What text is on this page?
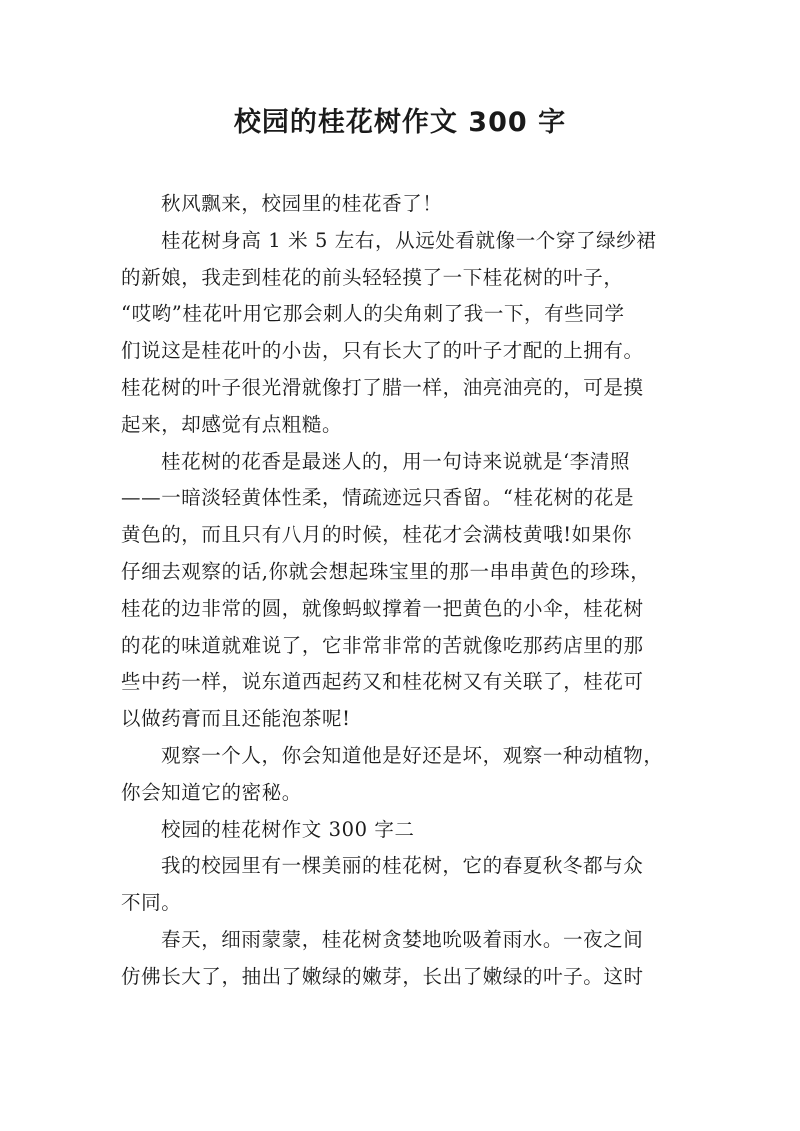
校园的桂花树作文 300 字

秋风飘来，校园里的桂花香了！

桂花树身高 1 米 5 左右，从远处看就像一个穿了绿纱裙
的新娘，我走到桂花的前头轻轻摸了一下桂花树的叶子，
“哎哟”桂花叶用它那会刺人的尖角刺了我一下，有些同学
们说这是桂花叶的小齿，只有长大了的叶子才配的上拥有。
桂花树的叶子很光滑就像打了腊一样，油亮油亮的，可是摸
起来，却感觉有点粗糙。

桂花树的花香是最迷人的，用一句诗来说就是‘李清照
——一暗淡轻黄体性柔，情疏迹远只香留。“桂花树的花是
黄色的，而且只有八月的时候，桂花才会满枝黄哦!如果你
仔细去观察的话,你就会想起珠宝里的那一串串黄色的珍珠，
桂花的边非常的圆，就像蚂蚁撑着一把黄色的小伞，桂花树
的花的味道就难说了，它非常非常的苦就像吃那药店里的那
些中药一样，说东道西起药又和桂花树又有关联了，桂花可
以做药膏而且还能泡茶呢!

观察一个人，你会知道他是好还是坏，观察一种动植物，
你会知道它的密秘。

校园的桂花树作文 300 字二

我的校园里有一棵美丽的桂花树，它的春夏秋冬都与众
不同。

春天，细雨蒙蒙，桂花树贪婪地吮吸着雨水。一夜之间
仿佛长大了，抽出了嫩绿的嫩芽，长出了嫩绿的叶子。这时
